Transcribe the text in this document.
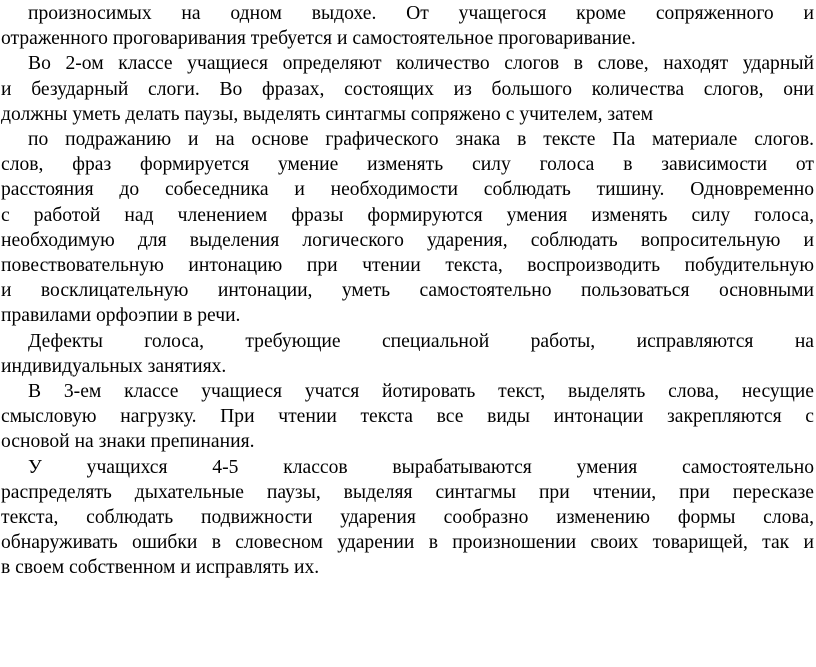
произносимых на одном выдохе. От учащегося кроме сопряженного и
отраженного проговаривания требуется и самостоятельное проговаривание.
Во 2-ом классе учащиеся определяют количество слогов в слове, находят ударный
и безударный слоги. Во фразах, состоящих из большого количества слогов, они
должны уметь делать паузы, выделять синтагмы сопряжено с учителем, затем
по подражанию и на основе графического знака в тексте Па материале слогов.
слов, фраз формируется умение изменять силу голоса в зависимости от
расстояния до собеседника и необходимости соблюдать тишину. Одновременно
с работой над членением фразы формируются умения изменять силу голоса,
необходимую для выделения логического ударения, соблюдать вопросительную и
повествовательную интонацию при чтении текста, воспроизводить побудительную
и восклицательную интонации, уметь самостоятельно пользоваться основными
правилами орфоэпии в речи.
Дефекты голоса, требующие специальной работы, исправляются на
индивидуальных занятиях.
В 3-ем классе учащиеся учатся йотировать текст, выделять слова, несущие
смысловую нагрузку. При чтении текста все виды интонации закрепляются с
основой на знаки препинания.
У учащихся 4-5 классов вырабатываются умения самостоятельно
распределять дыхательные паузы, выделяя синтагмы при чтении, при пересказе
текста, соблюдать подвижности ударения сообразно изменению формы слова,
обнаруживать ошибки в словесном ударении в произношении своих товарищей, так и
в своем собственном и исправлять их.
